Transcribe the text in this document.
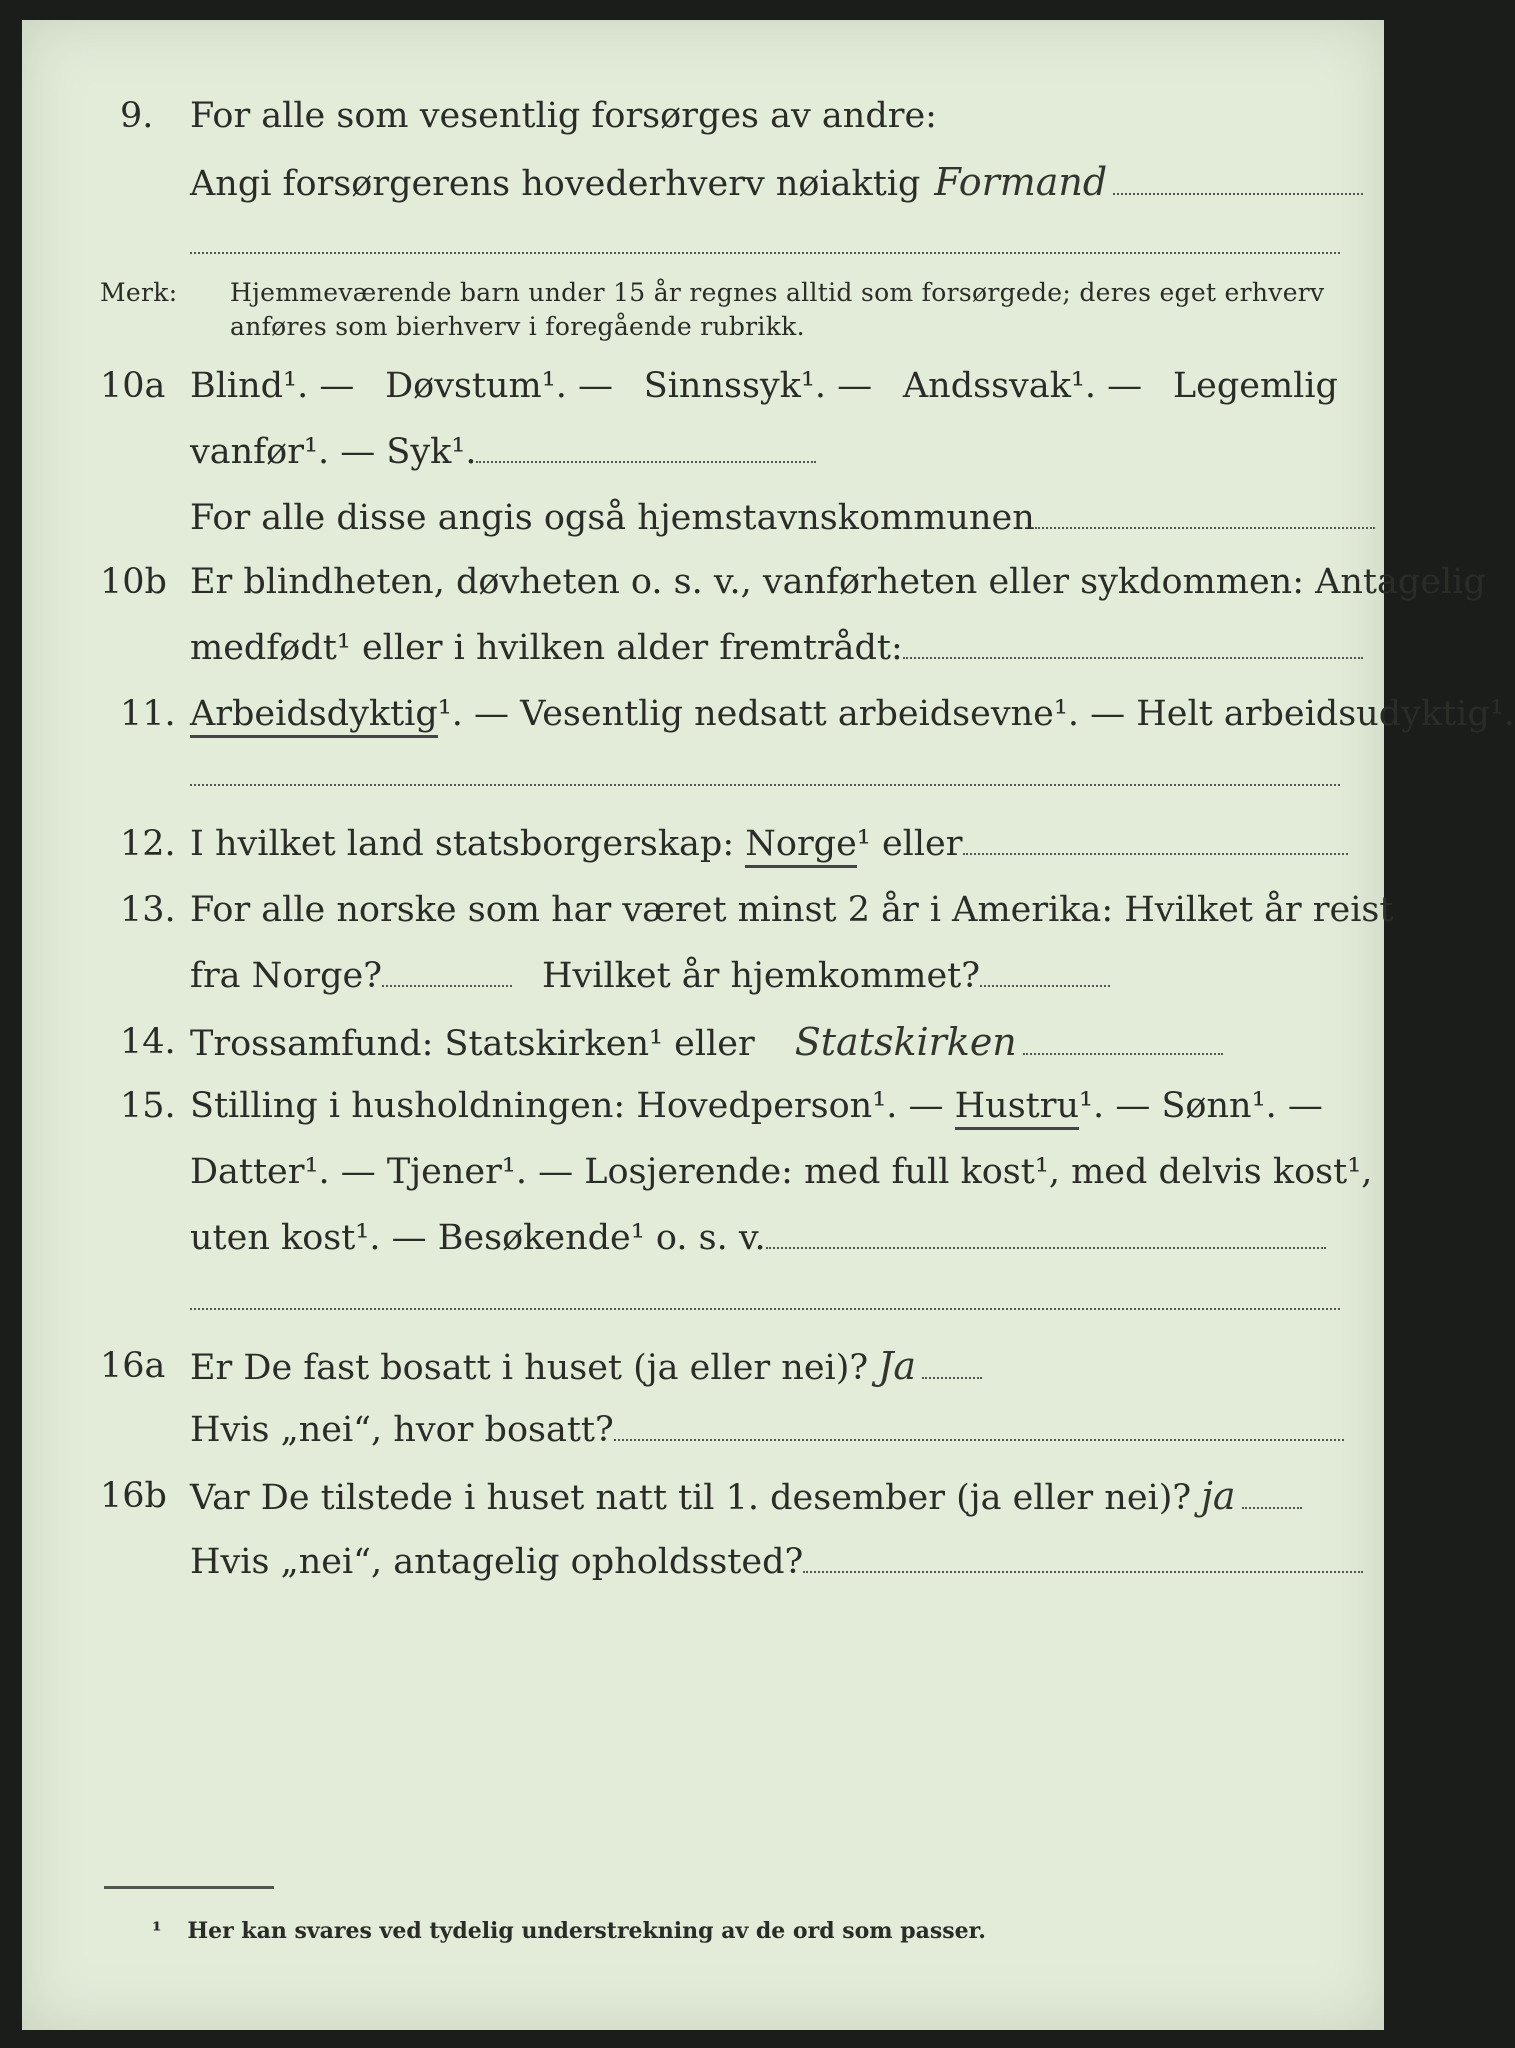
9. For alle som vesentlig forsørges av andre:
Angi forsørgerens hovederhverv nøiaktig Formand
Merk: Hjemmeværende barn under 15 år regnes alltid som forsørgede; deres eget erhverv
anføres som bierhverv i foregående rubrikk.
10a Blind¹. — Døvstum¹. — Sinnssyk¹. — Andssvak¹. — Legemlig
vanfør¹. — Syk¹.
For alle disse angis også hjemstavnskommunen
10b Er blindheten, døvheten o. s. v., vanførheten eller sykdommen: Antagelig
medfødt¹ eller i hvilken alder fremtrådt:
11. Arbeidsdyktig¹. — Vesentlig nedsatt arbeidsevne¹. — Helt arbeidsudyktig¹.
12. I hvilket land statsborgerskap: Norge¹ eller
13. For alle norske som har været minst 2 år i Amerika: Hvilket år reist
fra Norge?	Hvilket år hjemkommet?
14. Trossamfund: Statskirken¹ eller Statskirken
15. Stilling i husholdningen: Hovedperson¹. — Hustru¹. — Sønn¹. —
Datter¹. — Tjener¹. — Losjerende: med full kost¹, med delvis kost¹,
uten kost¹. — Besøkende¹ o. s. v.
16a Er De fast bosatt i huset (ja eller nei)? Ja
Hvis „nei“, hvor bosatt?
16b Var De tilstede i huset natt til 1. desember (ja eller nei)? ja
Hvis „nei“, antagelig opholdssted?
¹ Her kan svares ved tydelig understrekning av de ord som passer.
